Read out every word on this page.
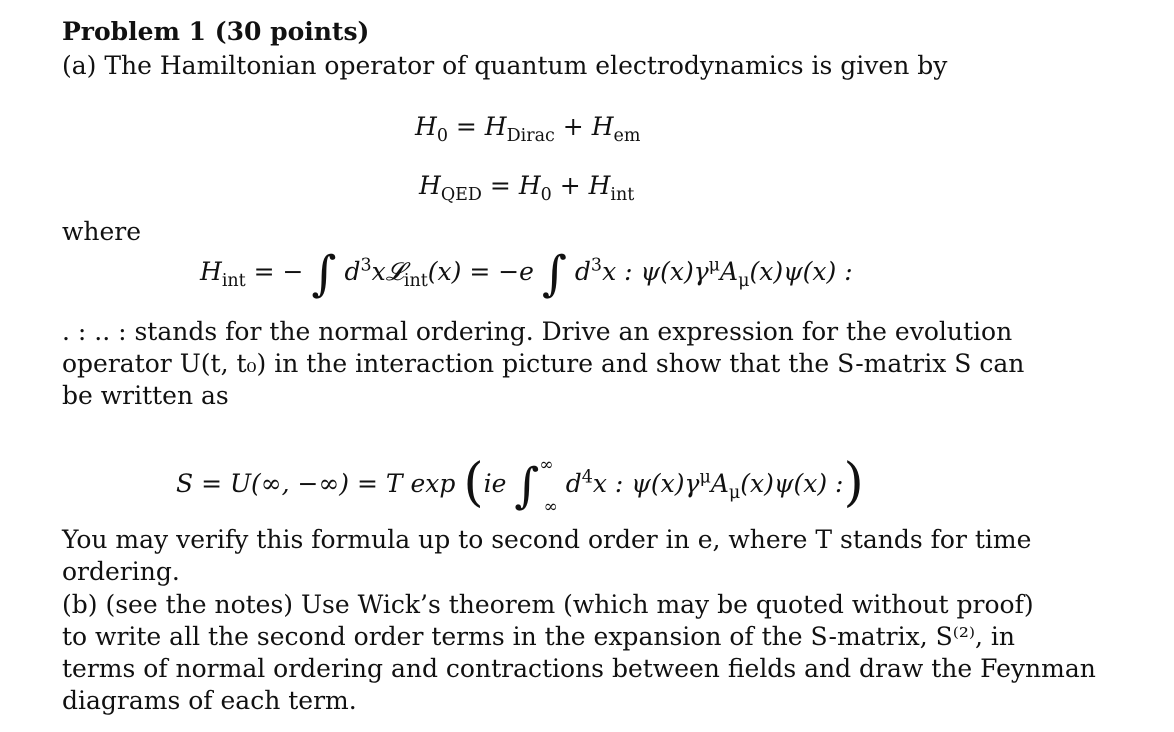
Problem 1 (30 points)
(a) The Hamiltonian operator of quantum electrodynamics is given by
$H_0 = H_{Dirac} + H_{em}$
$H_{QED} = H_0 + H_{int}$
where
$H_{int}$ = − ∫ $d^3x𝓛_{int}(x) = -e$ ∫ $d^3x$ : $\psi(x)\gamma^\mu A_\mu(x)\psi(x)$ :
. : .. : stands for the normal ordering. Drive an expression for the evolution
operator U(t, t₀) in the interaction picture and show that the S-matrix S can
be written as
S = U(∞, −∞) = T exp (ie $\int^\infty_\infty$ $d^4x$ : $\psi(x)\gamma^\mu A_\mu(x)\psi(x)$ :)
You may verify this formula up to second order in e, where T stands for time
ordering.
(b) (see the notes) Use Wick’s theorem (which may be quoted without proof)
to write all the second order terms in the expansion of the S-matrix, S⁽²⁾, in
terms of normal ordering and contractions between fields and draw the Feynman
diagrams of each term.
